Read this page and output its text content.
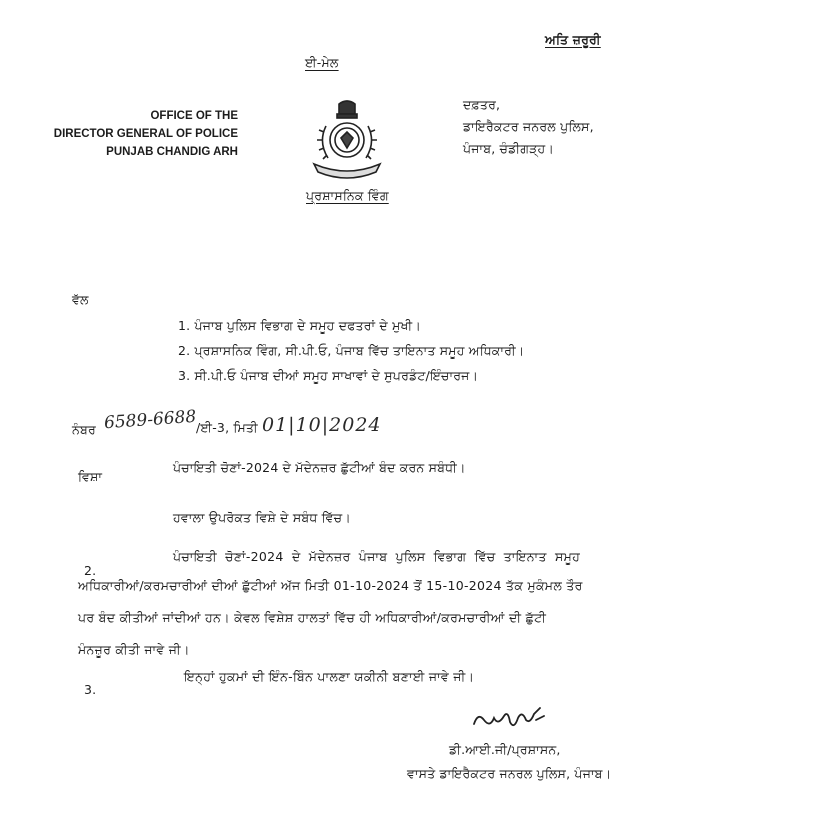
ਅਤਿ ਜ਼ਰੂਰੀ
ਈ-ਮੇਲ
OFFICE OF THE
DIRECTOR GENERAL OF POLICE
PUNJAB CHANDIG ARH
ਪ੍ਰਸ਼ਾਸਨਿਕ ਵਿੰਗ
ਦਫ਼ਤਰ,
ਡਾਇਰੈਕਟਰ ਜਨਰਲ ਪੁਲਿਸ,
ਪੰਜਾਬ, ਚੰਡੀਗੜ੍ਹ।
ਵੱਲ
1. ਪੰਜਾਬ ਪੁਲਿਸ ਵਿਭਾਗ ਦੇ ਸਮੂਹ ਦਫਤਰਾਂ ਦੇ ਮੁਖੀ।
2. ਪ੍ਰਸ਼ਾਸਨਿਕ ਵਿੰਗ, ਸੀ.ਪੀ.ਓ, ਪੰਜਾਬ ਵਿੱਚ ਤਾਇਨਾਤ ਸਮੂਹ ਅਧਿਕਾਰੀ।
3. ਸੀ.ਪੀ.ਓ ਪੰਜਾਬ ਦੀਆਂ ਸਮੂਹ ਸਾਖਾਵਾਂ ਦੇ ਸੁਪਰਡੰਟ/ਇੰਚਾਰਜ।
ਨੰਬਰ 6589-6688 /ਈ-3, ਮਿਤੀ 01|10|2024
ਵਿਸ਼ਾ
ਪੰਚਾਇਤੀ ਚੋਣਾਂ-2024 ਦੇ ਮੱਦੇਨਜ਼ਰ ਛੁੱਟੀਆਂ ਬੰਦ ਕਰਨ ਸਬੰਧੀ।
ਹਵਾਲਾ ਉਪਰੋਕਤ ਵਿਸ਼ੇ ਦੇ ਸਬੰਧ ਵਿੱਚ।
2.
ਪੰਚਾਇਤੀ ਚੋਣਾਂ-2024 ਦੇ ਮੱਦੇਨਜ਼ਰ ਪੰਜਾਬ ਪੁਲਿਸ ਵਿਭਾਗ ਵਿੱਚ ਤਾਇਨਾਤ ਸਮੂਹ
ਅਧਿਕਾਰੀਆਂ/ਕਰਮਚਾਰੀਆਂ ਦੀਆਂ ਛੁੱਟੀਆਂ ਅੱਜ ਮਿਤੀ 01-10-2024 ਤੋਂ 15-10-2024 ਤੱਕ ਮੁਕੰਮਲ ਤੌਰ
ਪਰ ਬੰਦ ਕੀਤੀਆਂ ਜਾਂਦੀਆਂ ਹਨ। ਕੇਵਲ ਵਿਸ਼ੇਸ਼ ਹਾਲਤਾਂ ਵਿੱਚ ਹੀ ਅਧਿਕਾਰੀਆਂ/ਕਰਮਚਾਰੀਆਂ ਦੀ ਛੁੱਟੀ
ਮੰਨਜ਼ੂਰ ਕੀਤੀ ਜਾਵੇ ਜੀ।
3.
ਇਨ੍ਹਾਂ ਹੁਕਮਾਂ ਦੀ ਇੰਨ-ਬਿੰਨ ਪਾਲਣਾ ਯਕੀਨੀ ਬਣਾਈ ਜਾਵੇ ਜੀ।
ਡੀ.ਆਈ.ਜੀ/ਪ੍ਰਸ਼ਾਸਨ,
ਵਾਸਤੇ ਡਾਇਰੈਕਟਰ ਜਨਰਲ ਪੁਲਿਸ, ਪੰਜਾਬ।
